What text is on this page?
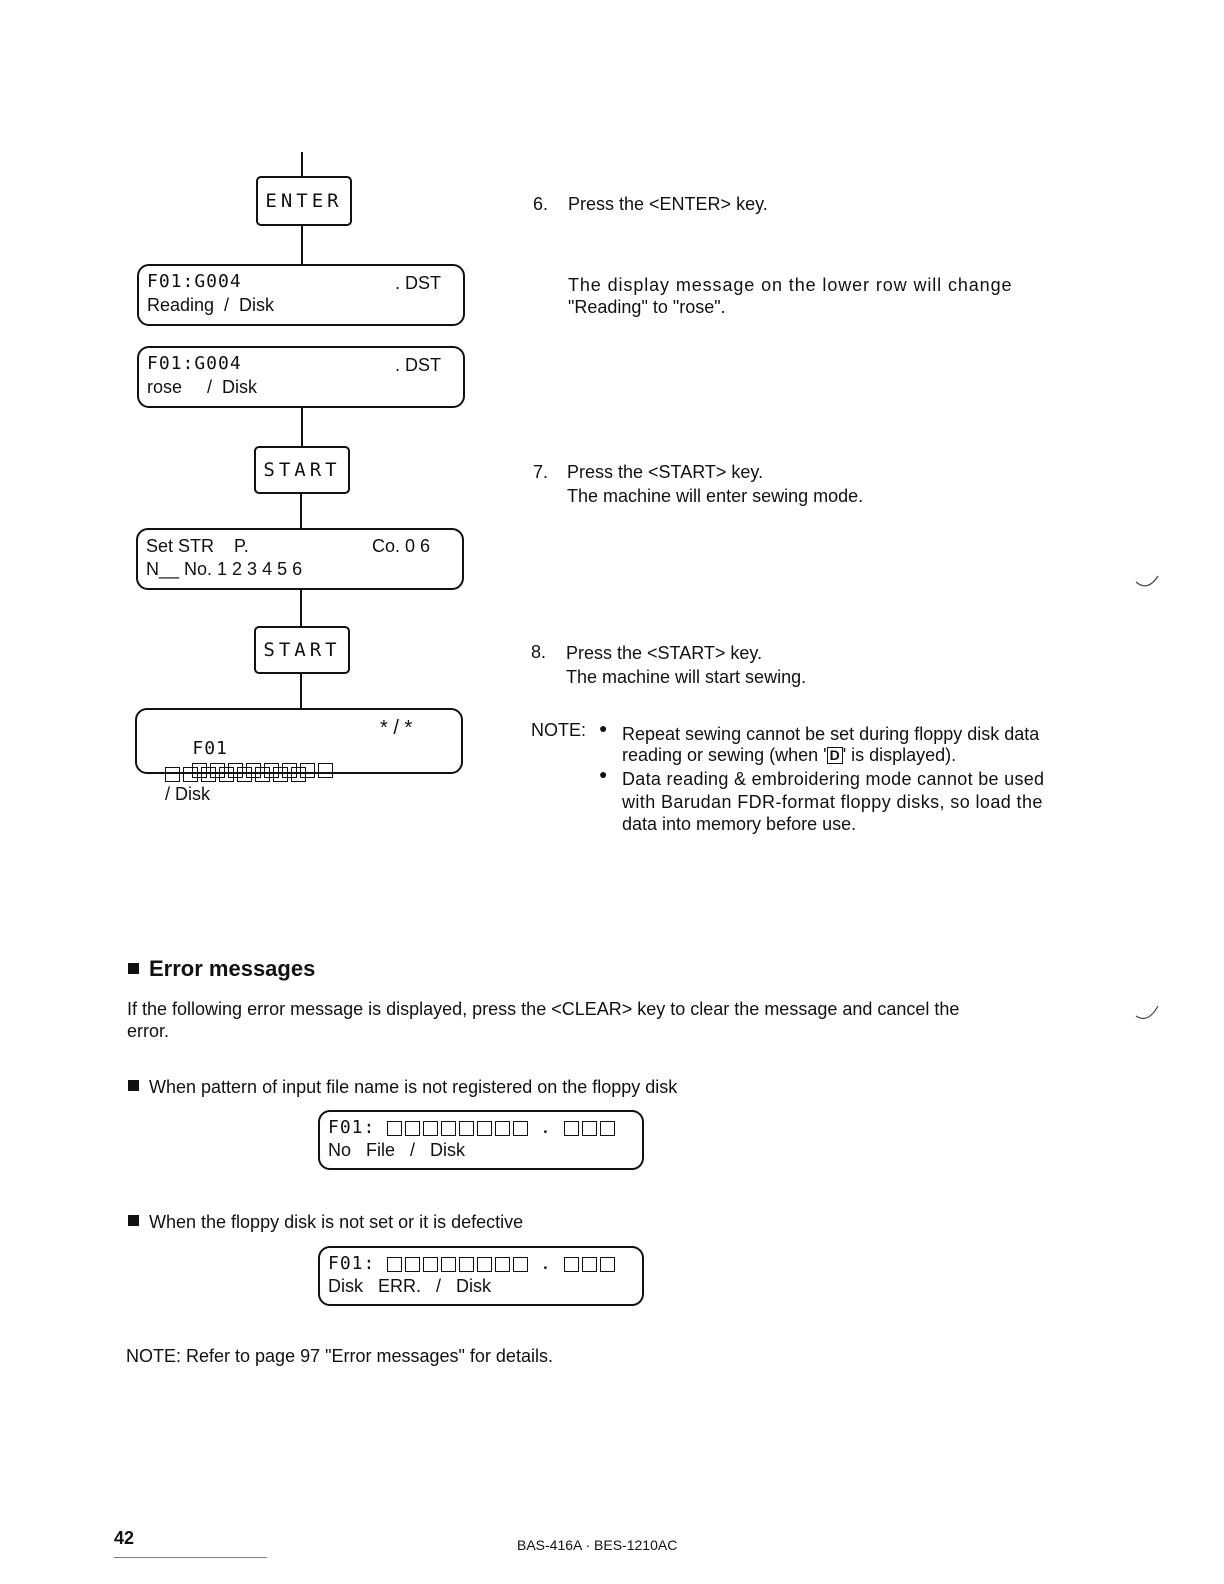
ENTER
F01:G004	. DST
Reading  /  Disk
F01:G004	. DST
rose     /  Disk
START
Set STR    P.	Co. 0 6
N__ No. 1 2 3 4 5 6
START

F01

* / *

/ Disk

6. Press the <ENTER> key.
The display message on the lower row will change
"Reading" to "rose".
7. Press the <START> key.
The machine will enter sewing mode.
8. Press the <START> key.
The machine will start sewing.
NOTE: ● Repeat sewing cannot be set during floppy disk data
reading or sewing (when ' D ' is displayed).
● Data reading & embroidering mode cannot be used
with Barudan FDR-format floppy disks, so load the
data into memory before use.
Error messages
If the following error message is displayed, press the <CLEAR> key to clear the message and cancel the
error.
When pattern of input file name is not registered on the floppy disk
F01:	.
No   File   /   Disk
When the floppy disk is not set or it is defective
F01:	.
Disk   ERR.   /   Disk
NOTE: Refer to page 97 "Error messages" for details.
42	BAS-416A · BES-1210AC
